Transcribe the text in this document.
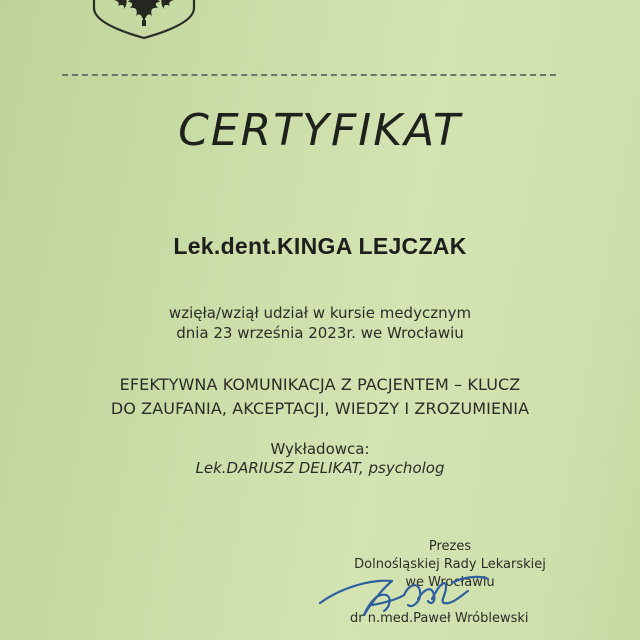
CERTYFIKAT
Lek.dent.KINGA LEJCZAK
wzięła/wziął udział w kursie medycznym
dnia 23 września 2023r. we Wrocławiu
EFEKTYWNA KOMUNIKACJA Z PACJENTEM – KLUCZ
DO ZAUFANIA, AKCEPTACJI, WIEDZY I ZROZUMIENIA
Wykładowca:
Lek.DARIUSZ DELIKAT, psycholog
Prezes
Dolnośląskiej Rady Lekarskiej
we Wrocławiu
dr n.med.Paweł Wróblewski
